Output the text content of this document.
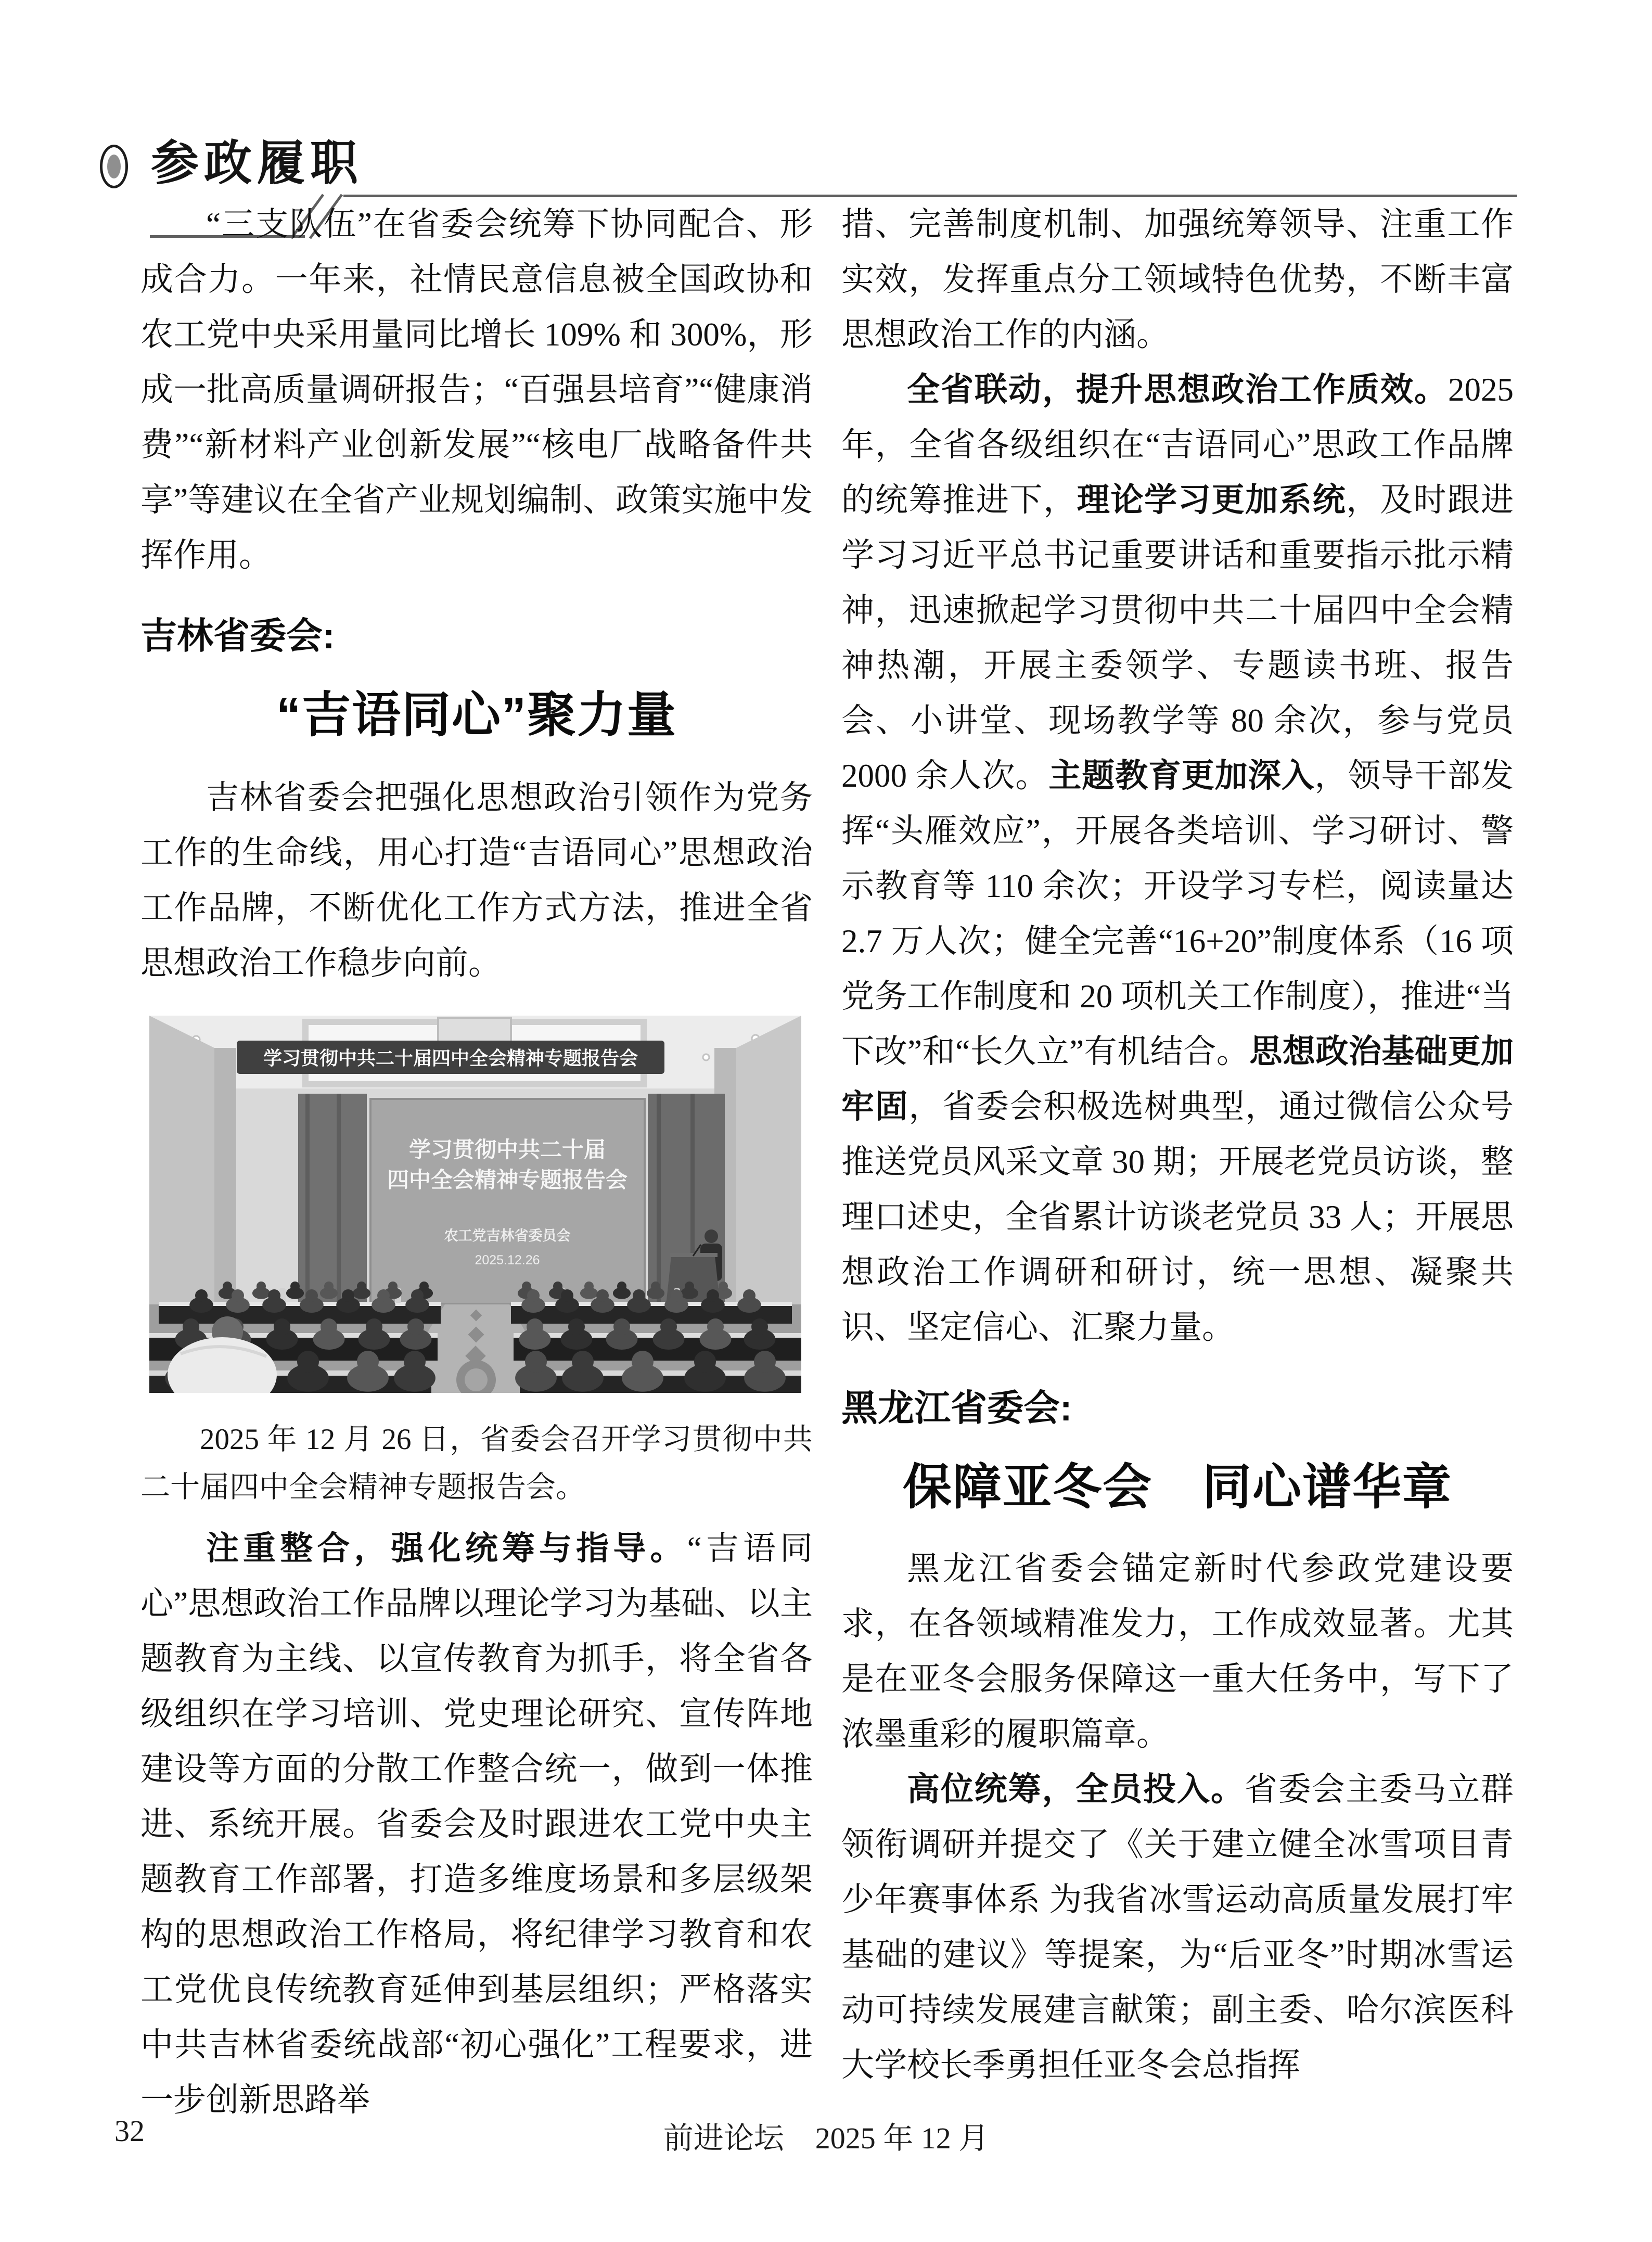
参政履职

“三支队伍”在省委会统筹下协同配合、形成合力。一年来，社情民意信息被全国政协和农工党中央采用量同比增长 109% 和 300%，形成一批高质量调研报告；“百强县培育”“健康消费”“新材料产业创新发展”“核电厂战略备件共享”等建议在全省产业规划编制、政策实施中发挥作用。

吉林省委会:
“吉语同心”聚力量

吉林省委会把强化思想政治引领作为党务工作的生命线，用心打造“吉语同心”思想政治工作品牌，不断优化工作方式方法，推进全省思想政治工作稳步向前。

学习贯彻中共二十届四中全会精神专题报告会
学习贯彻中共二十届
四中全会精神专题报告会
农工党吉林省委员会
2025.12.26
2025 年 12 月 26 日，省委会召开学习贯彻中共二十届四中全会精神专题报告会。

注重整合，强化统筹与指导。“吉语同心”思想政治工作品牌以理论学习为基础、以主题教育为主线、以宣传教育为抓手，将全省各级组织在学习培训、党史理论研究、宣传阵地建设等方面的分散工作整合统一，做到一体推进、系统开展。省委会及时跟进农工党中央主题教育工作部署，打造多维度场景和多层级架构的思想政治工作格局，将纪律学习教育和农工党优良传统教育延伸到基层组织；严格落实中共吉林省委统战部“初心强化”工程要求，进一步创新思路举

措、完善制度机制、加强统筹领导、注重工作实效，发挥重点分工领域特色优势，不断丰富思想政治工作的内涵。

全省联动，提升思想政治工作质效。2025 年，全省各级组织在“吉语同心”思政工作品牌的统筹推进下，理论学习更加系统，及时跟进学习习近平总书记重要讲话和重要指示批示精神，迅速掀起学习贯彻中共二十届四中全会精神热潮，开展主委领学、专题读书班、报告会、小讲堂、现场教学等 80 余次，参与党员 2000 余人次。主题教育更加深入，领导干部发挥“头雁效应”，开展各类培训、学习研讨、警示教育等 110 余次；开设学习专栏，阅读量达 2.7 万人次；健全完善“16+20”制度体系（16 项党务工作制度和 20 项机关工作制度），推进“当下改”和“长久立”有机结合。思想政治基础更加牢固，省委会积极选树典型，通过微信公众号推送党员风采文章 30 期；开展老党员访谈，整理口述史，全省累计访谈老党员 33 人；开展思想政治工作调研和研讨，统一思想、凝聚共识、坚定信心、汇聚力量。

黑龙江省委会:
保障亚冬会　同心谱华章

黑龙江省委会锚定新时代参政党建设要求，在各领域精准发力，工作成效显著。尤其是在亚冬会服务保障这一重大任务中，写下了浓墨重彩的履职篇章。

高位统筹，全员投入。省委会主委马立群领衔调研并提交了《关于建立健全冰雪项目青少年赛事体系 为我省冰雪运动高质量发展打牢基础的建议》等提案，为“后亚冬”时期冰雪运动可持续发展建言献策；副主委、哈尔滨医科大学校长季勇担任亚冬会总指挥

32	前进论坛 2025 年 12 月
